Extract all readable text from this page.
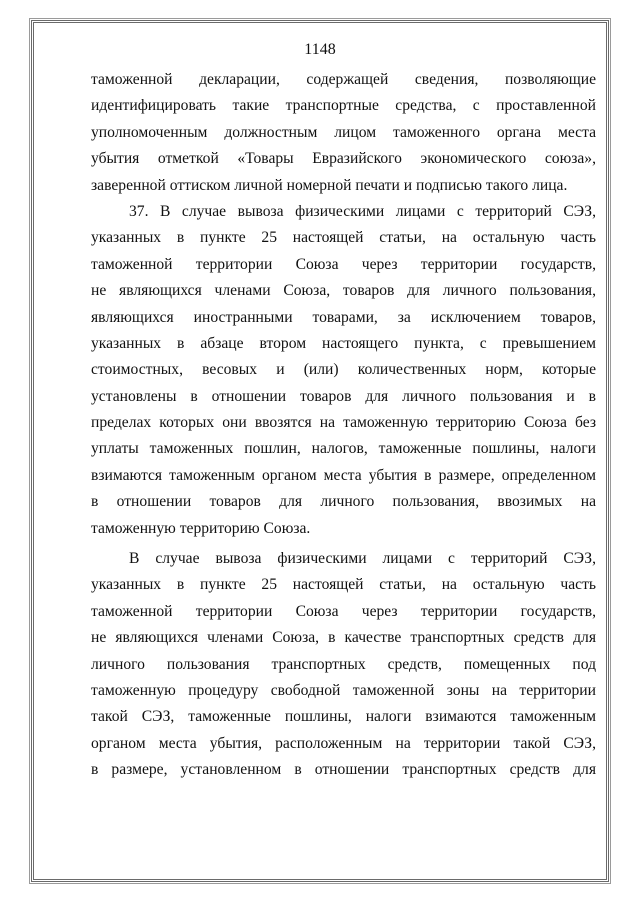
1148
таможенной декларации, содержащей сведения, позволяющие
идентифицировать такие транспортные средства, с проставленной
уполномоченным должностным лицом таможенного органа места
убытия отметкой «Товары Евразийского экономического союза»,
заверенной оттиском личной номерной печати и подписью такого лица.
37. В случае вывоза физическими лицами с территорий СЭЗ,
указанных в пункте 25 настоящей статьи, на остальную часть
таможенной территории Союза через территории государств,
не являющихся членами Союза, товаров для личного пользования,
являющихся иностранными товарами, за исключением товаров,
указанных в абзаце втором настоящего пункта, с превышением
стоимостных, весовых и (или) количественных норм, которые
установлены в отношении товаров для личного пользования и в
пределах которых они ввозятся на таможенную территорию Союза без
уплаты таможенных пошлин, налогов, таможенные пошлины, налоги
взимаются таможенным органом места убытия в размере, определенном
в отношении товаров для личного пользования, ввозимых на
таможенную территорию Союза.
В случае вывоза физическими лицами с территорий СЭЗ,
указанных в пункте 25 настоящей статьи, на остальную часть
таможенной территории Союза через территории государств,
не являющихся членами Союза, в качестве транспортных средств для
личного пользования транспортных средств, помещенных под
таможенную процедуру свободной таможенной зоны на территории
такой СЭЗ, таможенные пошлины, налоги взимаются таможенным
органом места убытия, расположенным на территории такой СЭЗ,
в размере, установленном в отношении транспортных средств для
